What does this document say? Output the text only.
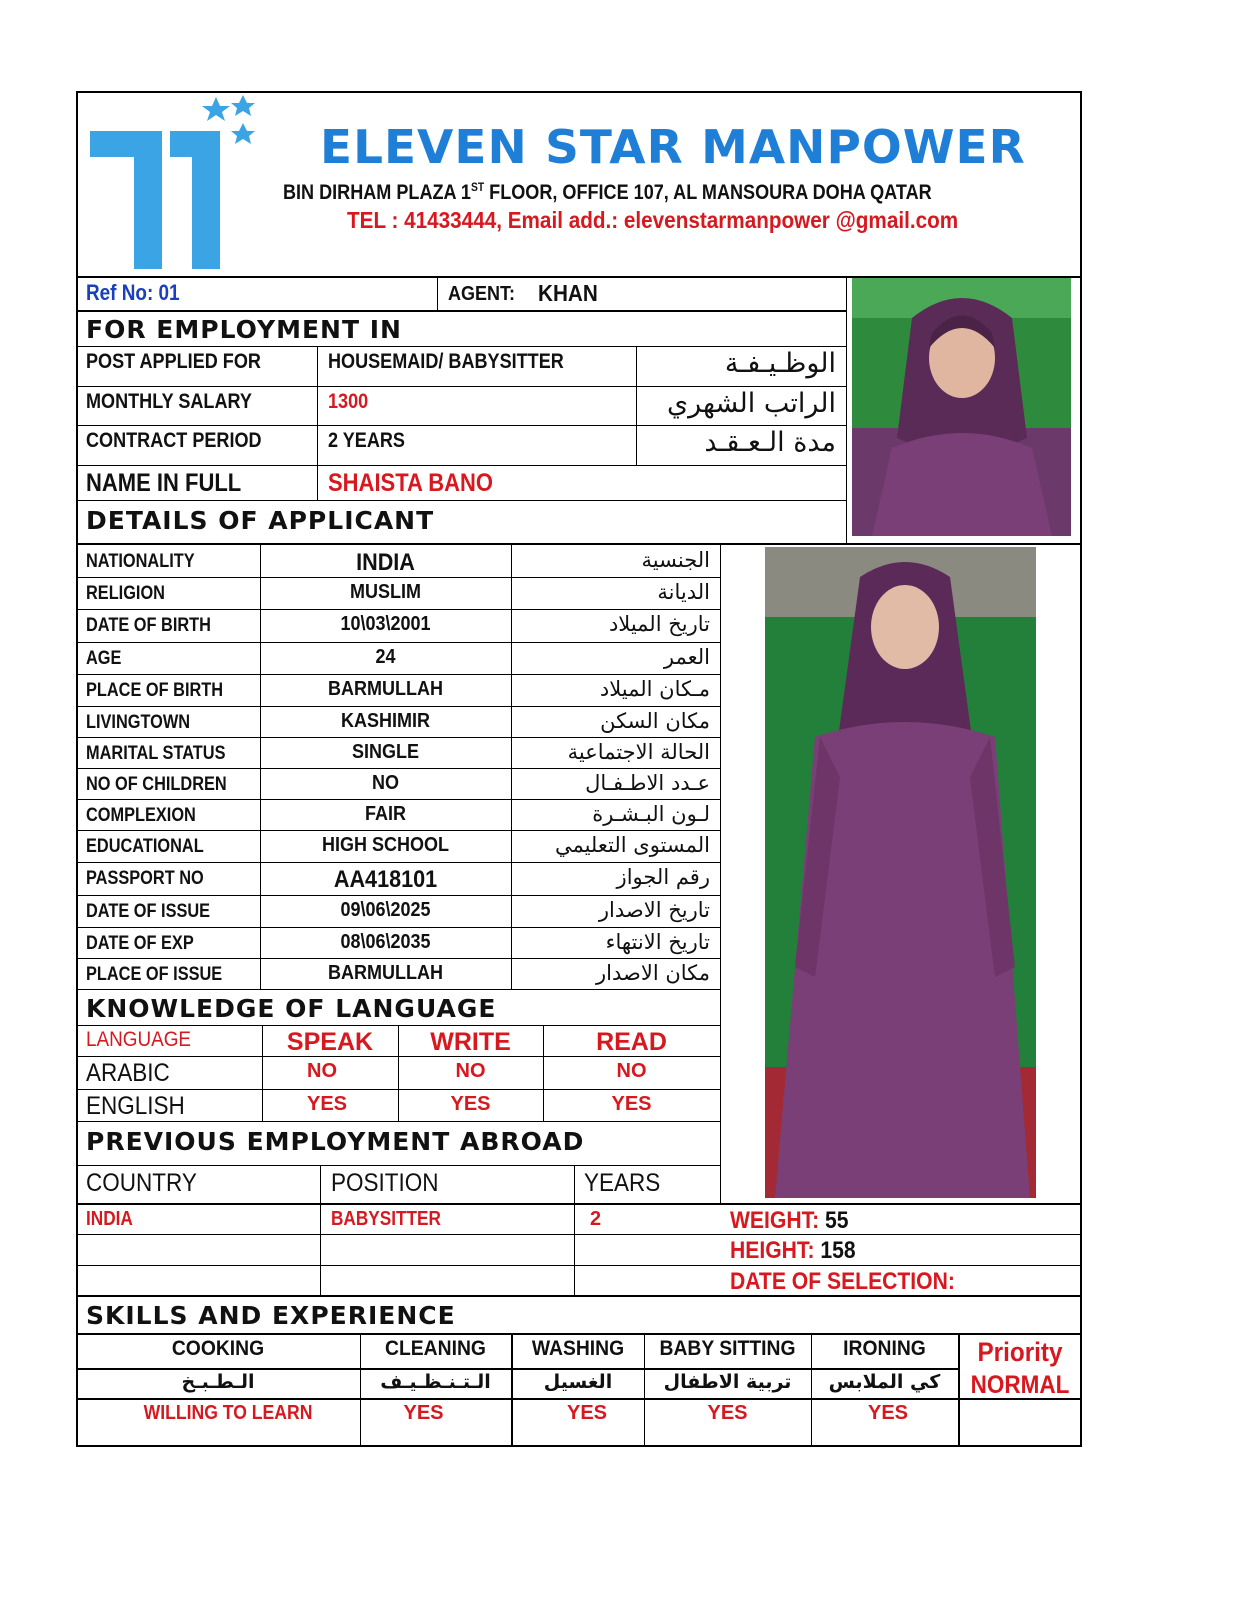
ELEVEN STAR MANPOWER
BIN DIRHAM PLAZA 1ST FLOOR, OFFICE 107, AL MANSOURA DOHA QATAR
TEL : 41433444, Email add.: elevenstarmanpower @gmail.com
Ref No: 01	AGENT: KHAN
FOR EMPLOYMENT IN
POST APPLIED FOR	HOUSEMAID/ BABYSITTER	الوظـيـفـة
MONTHLY SALARY	1300	الراتب الشهري
CONTRACT PERIOD	2 YEARS	مدة الـعـقـد
NAME IN FULL	SHAISTA BANO
DETAILS OF APPLICANT
NATIONALITY	INDIA	الجنسية
RELIGION	MUSLIM	الديانة
DATE OF BIRTH	10\03\2001	تاريخ الميلاد
AGE	24	العمر
PLACE OF BIRTH	BARMULLAH	مـكان الميلاد
LIVINGTOWN	KASHIMIR	مكان السكن
MARITAL STATUS	SINGLE	الحالة الاجتماعية
NO OF CHILDREN	NO	عـدد الاطـفـال
COMPLEXION	FAIR	لـون البـشـرة
EDUCATIONAL	HIGH SCHOOL	المستوى التعليمي
PASSPORT NO	AA418101	رقم الجواز
DATE OF ISSUE	09\06\2025	تاريخ الاصدار
DATE OF EXP	08\06\2035	تاريخ الانتهاء
PLACE OF ISSUE	BARMULLAH	مكان الاصدار
KNOWLEDGE OF LANGUAGE
LANGUAGE	SPEAK	WRITE	READ
ARABIC	NO	NO	NO
ENGLISH	YES	YES	YES
PREVIOUS EMPLOYMENT ABROAD
COUNTRY	POSITION	YEARS
INDIA	BABYSITTER	2	WEIGHT: 55
HEIGHT: 158
DATE OF SELECTION:
SKILLS AND EXPERIENCE
COOKING	CLEANING	WASHING	BABY SITTING	IRONING
الـطـبـخ	الـتـنـظـيـف	الغسيل	تربية الاطفال	كي الملابس
WILLING TO LEARN	YES	YES	YES	YES
Priority
NORMAL
